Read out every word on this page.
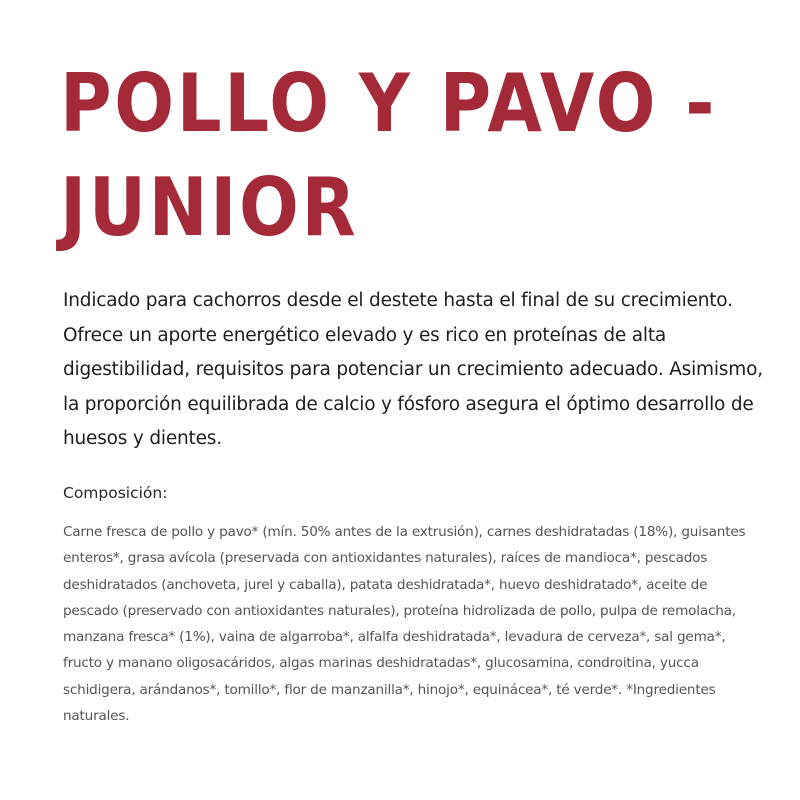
POLLO Y PAVO -
JUNIOR

Indicado para cachorros desde el destete hasta el final de su crecimiento. Ofrece un aporte energético elevado y es rico en proteínas de alta digestibilidad, requisitos para potenciar un crecimiento adecuado. Asimismo, la proporción equilibrada de calcio y fósforo asegura el óptimo desarrollo de huesos y dientes.

Composición:

Carne fresca de pollo y pavo* (mín. 50% antes de la extrusión), carnes deshidratadas (18%), guisantes enteros*, grasa avícola (preservada con antioxidantes naturales), raíces de mandioca*, pescados deshidratados (anchoveta, jurel y caballa), patata deshidratada*, huevo deshidratado*, aceite de pescado (preservado con antioxidantes naturales), proteína hidrolizada de pollo, pulpa de remolacha, manzana fresca* (1%), vaina de algarroba*, alfalfa deshidratada*, levadura de cerveza*, sal gema*, fructo y manano oligosacáridos, algas marinas deshidratadas*, glucosamina, condroitina, yucca schidigera, arándanos*, tomillo*, flor de manzanilla*, hinojo*, equinácea*, té verde*. *Ingredientes naturales.
